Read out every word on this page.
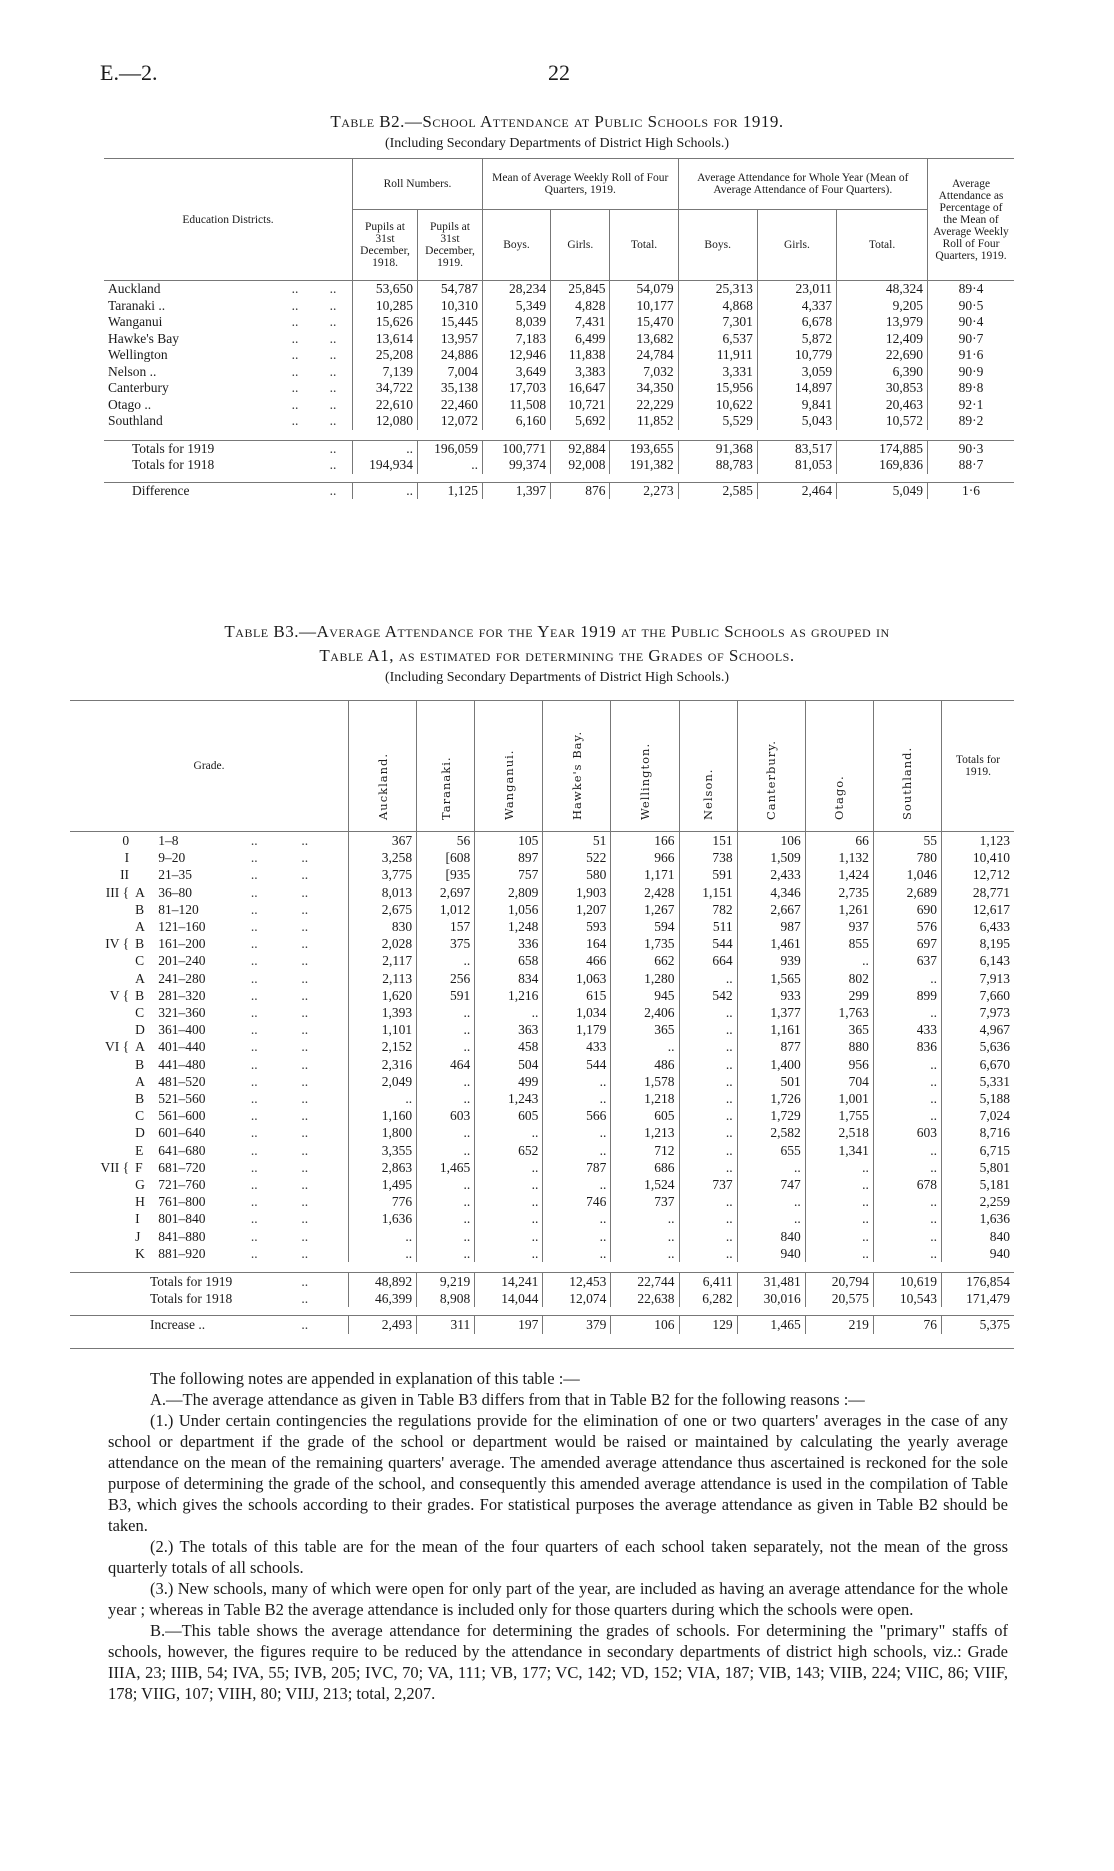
E.—2.	22
Table B2.—School Attendance at Public Schools for 1919.
(Including Secondary Departments of District High Schools.)
Education Districts.			Roll Numbers.		Mean of Average Weekly Roll of Four Quarters, 1919.			Average Attendance for Whole Year (Mean of Average Attendance of Four Quarters).			Average Attendance as Percentage of the Mean of Average Weekly Roll of Four Quarters, 1919.
			Pupils at 31st December, 1918.	Pupils at 31st December, 1919.	Boys.	Girls.	Total.	Boys.	Girls.	Total.	
Auckland	..	..	53,650	54,787	28,234	25,845	54,079	25,313	23,011	48,324	89·4
Taranaki ..	..	..	10,285	10,310	5,349	4,828	10,177	4,868	4,337	9,205	90·5
Wanganui	..	..	15,626	15,445	8,039	7,431	15,470	7,301	6,678	13,979	90·4
Hawke's Bay	..	..	13,614	13,957	7,183	6,499	13,682	6,537	5,872	12,409	90·7
Wellington	..	..	25,208	24,886	12,946	11,838	24,784	11,911	10,779	22,690	91·6
Nelson ..	..	..	7,139	7,004	3,649	3,383	7,032	3,331	3,059	6,390	90·9
Canterbury	..	..	34,722	35,138	17,703	16,647	34,350	15,956	14,897	30,853	89·8
Otago ..	..	..	22,610	22,460	11,508	10,721	22,229	10,622	9,841	20,463	92·1
Southland	..	..	12,080	12,072	6,160	5,692	11,852	5,529	5,043	10,572	89·2

Totals for 1919		..	..	196,059	100,771	92,884	193,655	91,368	83,517	174,885	90·3
Totals for 1918		..	194,934	..	99,374	92,008	191,382	88,783	81,053	169,836	88·7

Difference		..	..	1,125	1,397	876	2,273	2,585	2,464	5,049	1·6
Table B3.—Average Attendance for the Year 1919 at the Public Schools as grouped in
Table A1, as estimated for determining the Grades of Schools.
(Including Secondary Departments of District High Schools.)
Grade.					Auckland.	Taranaki.	Wanganui.	Hawke's Bay.	Wellington.	Nelson.	Canterbury.	Otago.	Southland.	Totals for 1919.
0		1–8	..	..	367	56	105	51	166	151	106	66	55	1,123
I		9–20	..	..	3,258	[608	897	522	966	738	1,509	1,132	780	10,410
II		21–35	..	..	3,775	[935	757	580	1,171	591	2,433	1,424	1,046	12,712
III {	A	36–80	..	..	8,013	2,697	2,809	1,903	2,428	1,151	4,346	2,735	2,689	28,771
	B	81–120	..	..	2,675	1,012	1,056	1,207	1,267	782	2,667	1,261	690	12,617
	A	121–160	..	..	830	157	1,248	593	594	511	987	937	576	6,433
IV {	B	161–200	..	..	2,028	375	336	164	1,735	544	1,461	855	697	8,195
	C	201–240	..	..	2,117	..	658	466	662	664	939	..	637	6,143
	A	241–280	..	..	2,113	256	834	1,063	1,280	..	1,565	802	..	7,913
V {	B	281–320	..	..	1,620	591	1,216	615	945	542	933	299	899	7,660
	C	321–360	..	..	1,393	..	..	1,034	2,406	..	1,377	1,763	..	7,973
	D	361–400	..	..	1,101	..	363	1,179	365	..	1,161	365	433	4,967
VI {	A	401–440	..	..	2,152	..	458	433	..	..	877	880	836	5,636
	B	441–480	..	..	2,316	464	504	544	486	..	1,400	956	..	6,670
	A	481–520	..	..	2,049	..	499	..	1,578	..	501	704	..	5,331
	B	521–560	..	..	..	..	1,243	..	1,218	..	1,726	1,001	..	5,188
	C	561–600	..	..	1,160	603	605	566	605	..	1,729	1,755	..	7,024
	D	601–640	..	..	1,800	..	..	..	1,213	..	2,582	2,518	603	8,716
	E	641–680	..	..	3,355	..	652	..	712	..	655	1,341	..	6,715
VII {	F	681–720	..	..	2,863	1,465	..	787	686	..	..	..	..	5,801
	G	721–760	..	..	1,495	..	..	..	1,524	737	747	..	678	5,181
	H	761–800	..	..	776	..	..	746	737	..	..	..	..	2,259
	I	801–840	..	..	1,636	..	..	..	..	..	..	..	..	1,636
	J	841–880	..	..	..	..	..	..	..	..	840	..	..	840
	K	881–920	..	..	..	..	..	..	..	..	940	..	..	940

Totals for 1919				..	48,892	9,219	14,241	12,453	22,744	6,411	31,481	20,794	10,619	176,854
Totals for 1918				..	46,399	8,908	14,044	12,074	22,638	6,282	30,016	20,575	10,543	171,479

Increase ..				..	2,493	311	197	379	106	129	1,465	219	76	5,375

The following notes are appended in explanation of this table :—

A.—The average attendance as given in Table B3 differs from that in Table B2 for the following reasons :—

(1.) Under certain contingencies the regulations provide for the elimination of one or two quarters' averages in the case of any school or department if the grade of the school or department would be raised or maintained by calculating the yearly average attendance on the mean of the remaining quarters' average. The amended average attendance thus ascertained is reckoned for the sole purpose of determining the grade of the school, and consequently this amended average attendance is used in the compilation of Table B3, which gives the schools according to their grades. For statistical purposes the average attendance as given in Table B2 should be taken.

(2.) The totals of this table are for the mean of the four quarters of each school taken separately, not the mean of the gross quarterly totals of all schools.

(3.) New schools, many of which were open for only part of the year, are included as having an average attendance for the whole year ; whereas in Table B2 the average attendance is included only for those quarters during which the schools were open.

B.—This table shows the average attendance for determining the grades of schools. For determining the "primary" staffs of schools, however, the figures require to be reduced by the attendance in secondary departments of district high schools, viz.: Grade IIIA, 23; IIIB, 54; IVA, 55; IVB, 205; IVC, 70; VA, 111; VB, 177; VC, 142; VD, 152; VIA, 187; VIB, 143; VIIB, 224; VIIC, 86; VIIF, 178; VIIG, 107; VIIH, 80; VIIJ, 213; total, 2,207.
